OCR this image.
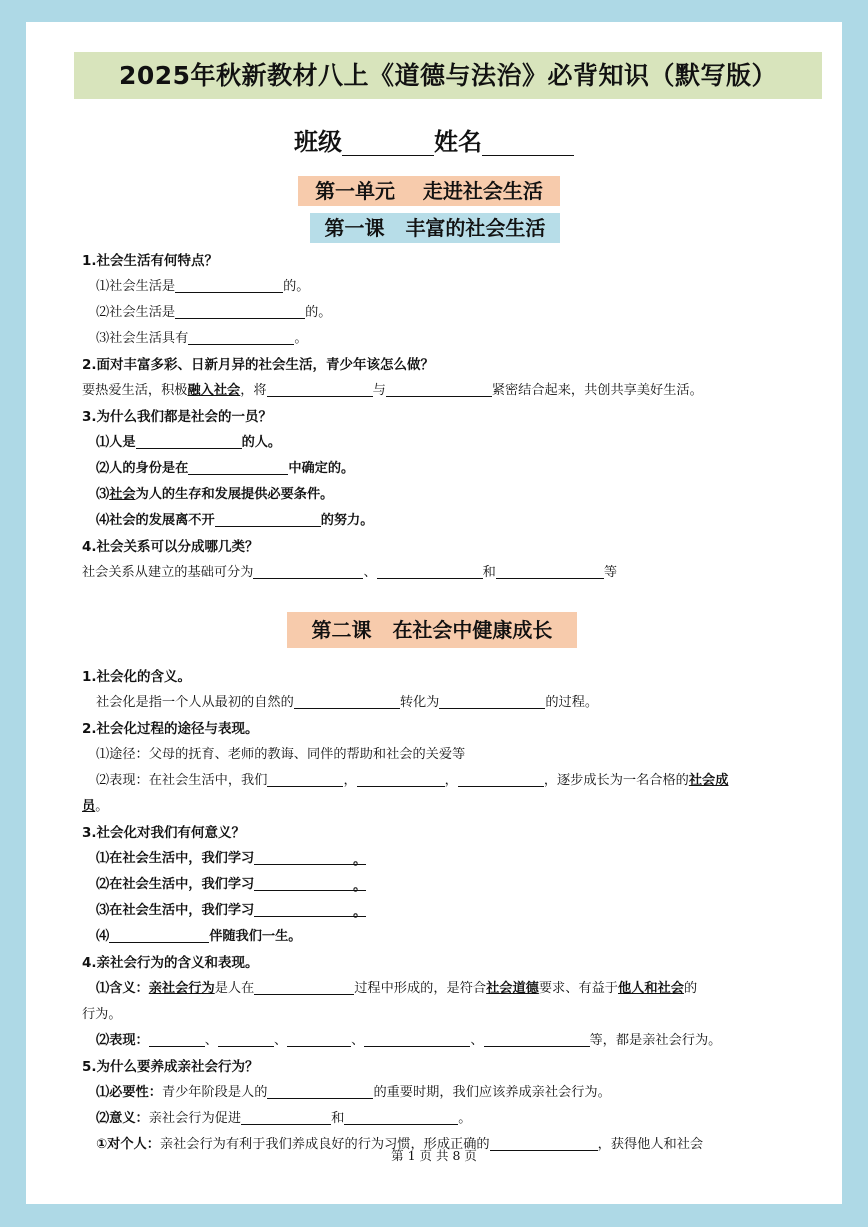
2025年秋新教材八上《道德与法治》必背知识（默写版）
班级	姓名
第一单元 走进社会生活
第一课 丰富的社会生活
第二课 在社会中健康成长
1.社会生活有何特点？
⑴社会生活是	的。
⑵社会生活是	的。
⑶社会生活具有	。
2.面对丰富多彩、日新月异的社会生活，青少年该怎么做？
要热爱生活，积极融入社会，将	与	紧密结合起来，共创共享美好生活。
3.为什么我们都是社会的一员？
⑴人是	的人。
⑵人的身份是在	中确定的。
⑶社会为人的生存和发展提供必要条件。
⑷社会的发展离不开	的努力。
4.社会关系可以分成哪几类？
社会关系从建立的基础可分为	、	和	等
1.社会化的含义。
社会化是指一个人从最初的自然的	转化为	的过程。
2.社会化过程的途径与表现。
⑴途径：父母的抚育、老师的教诲、同伴的帮助和社会的关爱等
⑵表现：在社会生活中，我们	，	，	，逐步成长为一名合格的社会成
员。
3.社会化对我们有何意义？
⑴在社会生活中，我们学习	。
⑵在社会生活中，我们学习	。
⑶在社会生活中，我们学习	。
⑷	伴随我们一生。
4.亲社会行为的含义和表现。
⑴含义：亲社会行为是人在	过程中形成的，是符合社会道德要求、有益于他人和社会的
行为。
⑵表现：	、	、	、	、	等，都是亲社会行为。
5.为什么要养成亲社会行为？
⑴必要性：青少年阶段是人的	的重要时期，我们应该养成亲社会行为。
⑵意义：亲社会行为促进	和	。
①对个人：亲社会行为有利于我们养成良好的行为习惯，形成正确的	，获得他人和社会
第 1 页 共 8 页
